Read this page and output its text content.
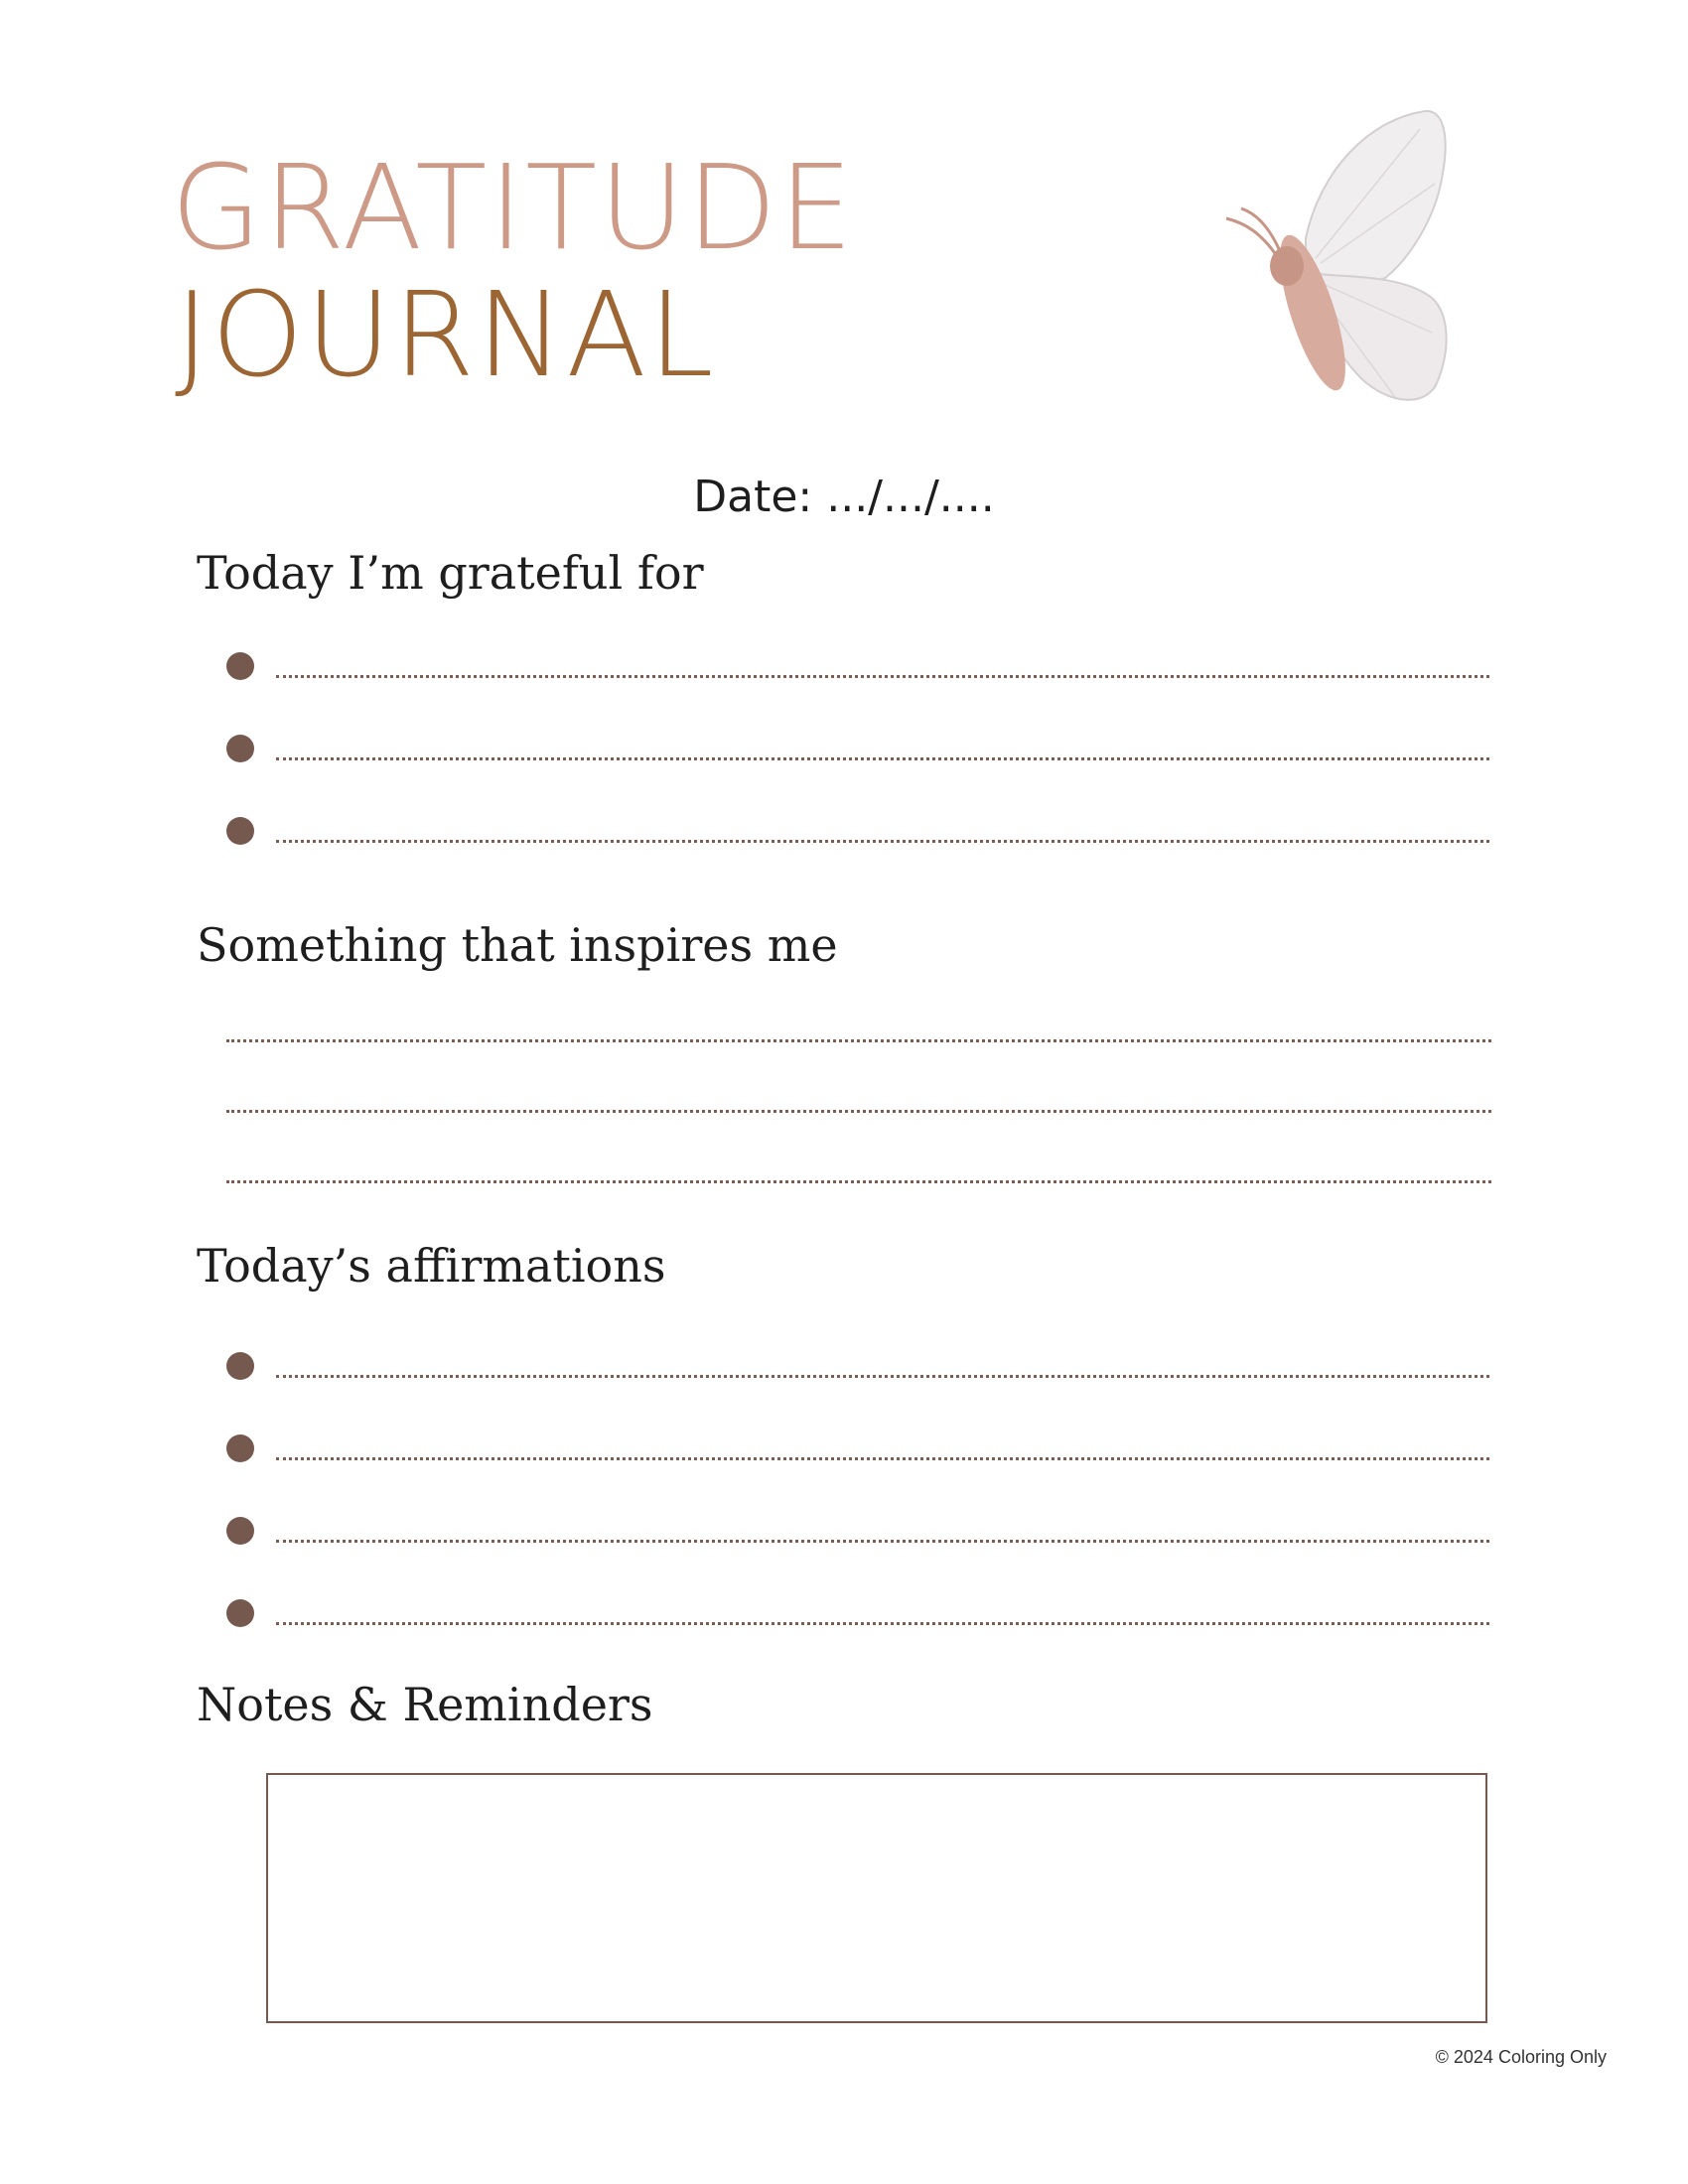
GRATITUDE
JOURNAL
Date: .../.../....
Today I’m grateful for
Something that inspires me
Today’s affirmations
Notes & Reminders
© 2024 Coloring Only
